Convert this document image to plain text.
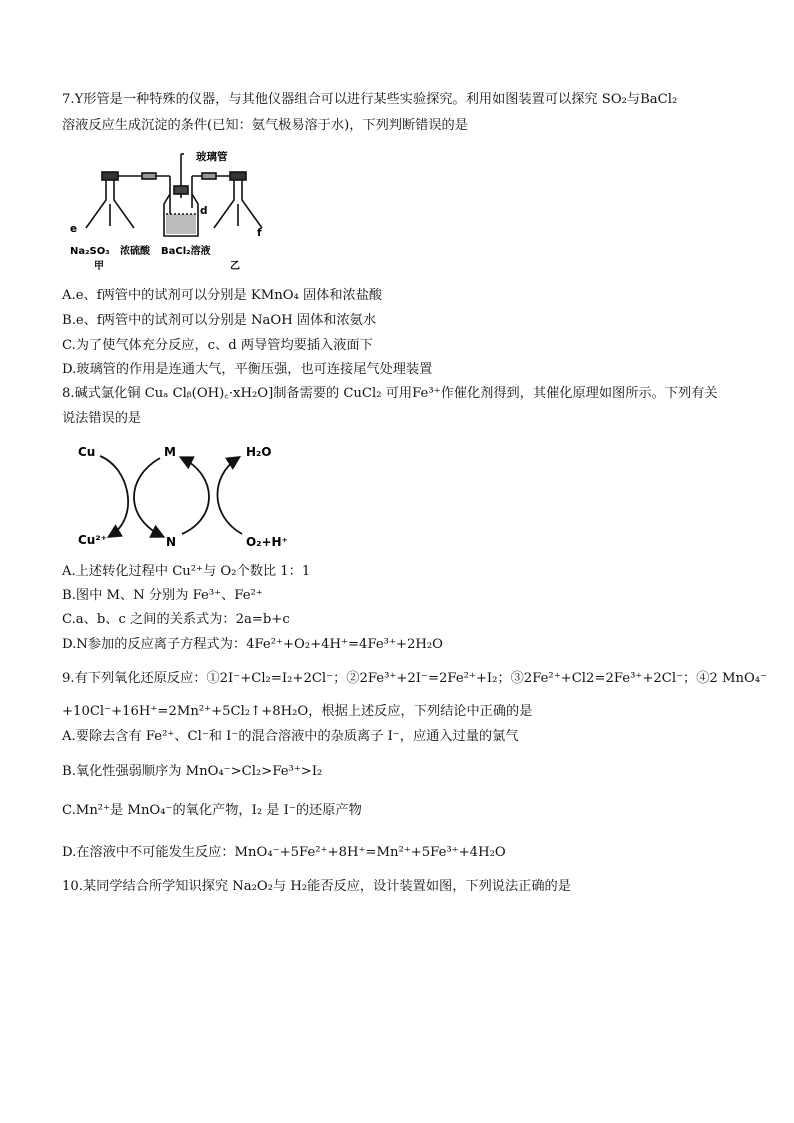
7.Y形管是一种特殊的仪器，与其他仪器组合可以进行某些实验探究。利用如图装置可以探究 SO₂与BaCl₂
溶液反应生成沉淀的条件(已知：氨气极易溶于水)，下列判断错误的是
玻璃管
d
e	f
Na₂SO₃ 浓硫酸 BaCl₂溶液
甲	乙
A.e、f两管中的试剂可以分别是 KMnO₄ 固体和浓盐酸
B.e、f两管中的试剂可以分别是 NaOH 固体和浓氨水
C.为了使气体充分反应，c、d 两导管均要插入液面下
D.玻璃管的作用是连通大气，平衡压强，也可连接尾气处理装置
8.碱式氯化铜 Cuₐ Clᵦ(OH)꜀·xH₂O]制备需要的 CuCl₂ 可用Fe³⁺作催化剂得到，其催化原理如图所示。下列有关
说法错误的是
Cu
Cu²⁺
M
N
H₂O
O₂+H⁺
A.上述转化过程中 Cu²⁺与 O₂个数比 1：1
B.图中 M、N 分别为 Fe³⁺、Fe²⁺
C.a、b、c 之间的关系式为：2a=b+c
D.N参加的反应离子方程式为：4Fe²⁺+O₂+4H⁺=4Fe³⁺+2H₂O
9.有下列氧化还原反应：①2I⁻+Cl₂=I₂+2Cl⁻；②2Fe³⁺+2I⁻=2Fe²⁺+I₂；③2Fe²⁺+Cl2=2Fe³⁺+2Cl⁻；④2 MnO₄⁻
+10Cl⁻+16H⁺=2Mn²⁺+5Cl₂↑+8H₂O，根据上述反应，下列结论中正确的是
A.要除去含有 Fe²⁺、Cl⁻和 I⁻的混合溶液中的杂质离子 I⁻，应通入过量的氯气
B.氧化性强弱顺序为 MnO₄⁻>Cl₂>Fe³⁺>I₂
C.Mn²⁺是 MnO₄⁻的氧化产物，I₂ 是 I⁻的还原产物
D.在溶液中不可能发生反应：MnO₄⁻+5Fe²⁺+8H⁺=Mn²⁺+5Fe³⁺+4H₂O
10.某同学结合所学知识探究 Na₂O₂与 H₂能否反应，设计装置如图，下列说法正确的是
